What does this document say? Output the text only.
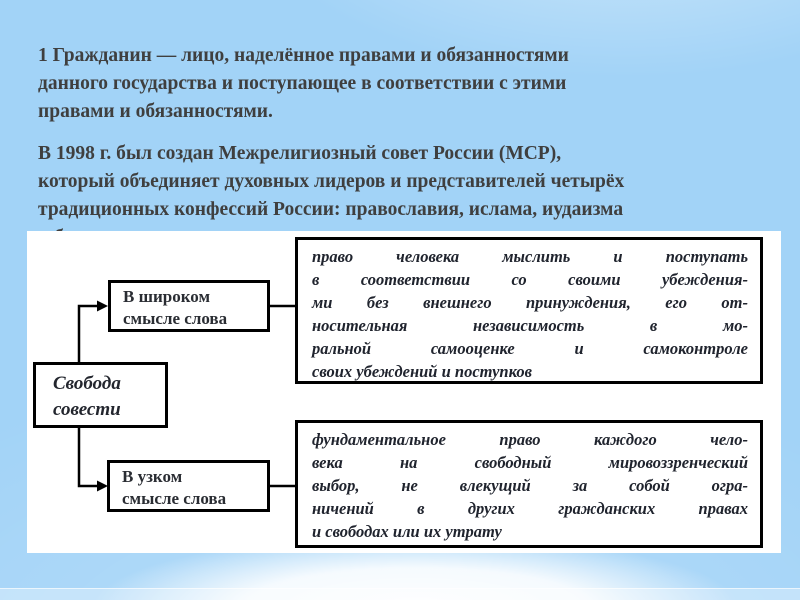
1 Гражданин — лицо, наделённое правами и обязанностями
данного государства и поступающее в соответствии с этими
правами и обязанностями.
В 1998 г. был создан Межрелигиозный совет России (МСР),
который объединяет духовных лидеров и представителей четырёх
традиционных конфессий России: православия, ислама, иудаизма
Свобода
совести
В широком
смысле слова
В узком
смысле слова
право человека мыслить и поступать
в соответствии со своими убеждения-
ми без внешнего принуждения, его от-
носительная независимость в мо-
ральной самооценке и самоконтроле
своих убеждений и поступков
фундаментальное право каждого чело-
века на свободный мировоззренческий
выбор, не влекущий за собой огра-
ничений в других гражданских правах
и свободах или их утрату
